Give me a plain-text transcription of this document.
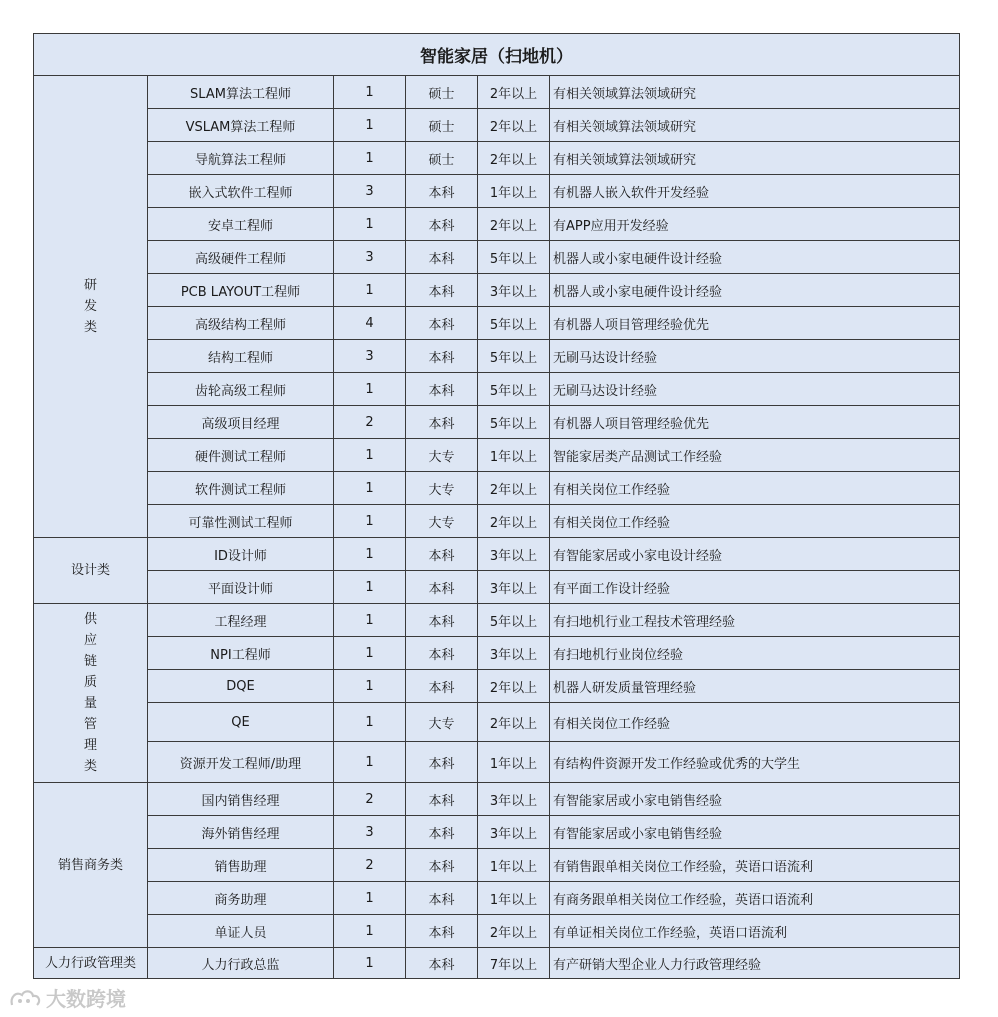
智能家居（扫地机）					
研发类	SLAM算法工程师	1	硕士	2年以上	有相关领域算法领域研究
	VSLAM算法工程师	1	硕士	2年以上	有相关领域算法领域研究
	导航算法工程师	1	硕士	2年以上	有相关领域算法领域研究
	嵌入式软件工程师	3	本科	1年以上	有机器人嵌入软件开发经验
	安卓工程师	1	本科	2年以上	有APP应用开发经验
	高级硬件工程师	3	本科	5年以上	机器人或小家电硬件设计经验
	PCB LAYOUT工程师	1	本科	3年以上	机器人或小家电硬件设计经验
	高级结构工程师	4	本科	5年以上	有机器人项目管理经验优先
	结构工程师	3	本科	5年以上	无刷马达设计经验
	齿轮高级工程师	1	本科	5年以上	无刷马达设计经验
	高级项目经理	2	本科	5年以上	有机器人项目管理经验优先
	硬件测试工程师	1	大专	1年以上	智能家居类产品测试工作经验
	软件测试工程师	1	大专	2年以上	有相关岗位工作经验
	可靠性测试工程师	1	大专	2年以上	有相关岗位工作经验
设计类	ID设计师	1	本科	3年以上	有智能家居或小家电设计经验
	平面设计师	1	本科	3年以上	有平面工作设计经验
供应链质量管理类	工程经理	1	本科	5年以上	有扫地机行业工程技术管理经验
	NPI工程师	1	本科	3年以上	有扫地机行业岗位经验
	DQE	1	本科	2年以上	机器人研发质量管理经验
	QE	1	大专	2年以上	有相关岗位工作经验
	资源开发工程师/助理	1	本科	1年以上	有结构件资源开发工作经验或优秀的大学生
销售商务类	国内销售经理	2	本科	3年以上	有智能家居或小家电销售经验
	海外销售经理	3	本科	3年以上	有智能家居或小家电销售经验
	销售助理	2	本科	1年以上	有销售跟单相关岗位工作经验，英语口语流利
	商务助理	1	本科	1年以上	有商务跟单相关岗位工作经验，英语口语流利
	单证人员	1	本科	2年以上	有单证相关岗位工作经验，英语口语流利
人力行政管理类	人力行政总监	1	本科	7年以上	有产研销大型企业人力行政管理经验
大数跨境
